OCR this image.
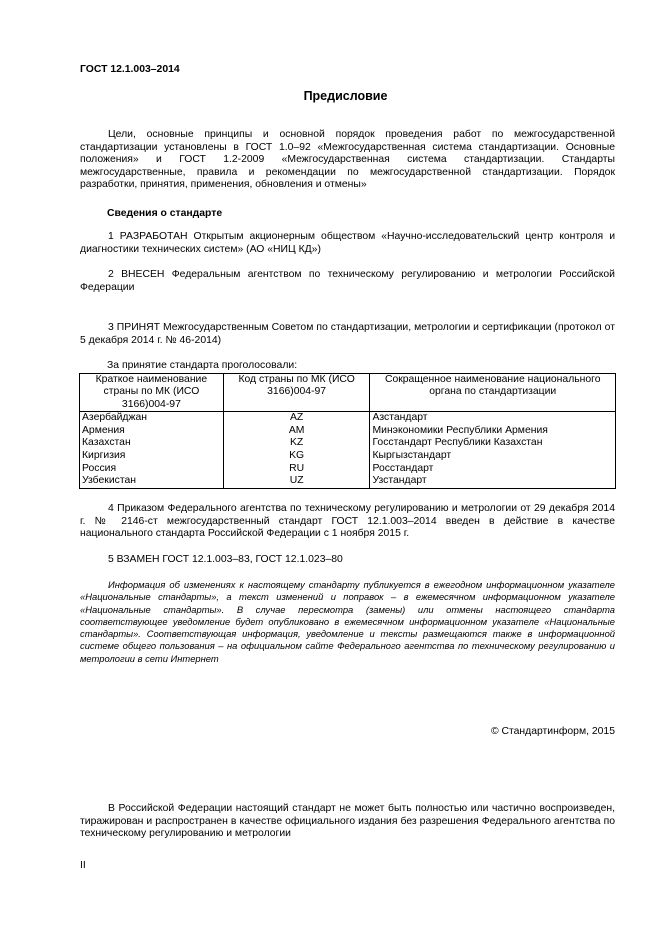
ГОСТ 12.1.003–2014
Предисловие
Цели, основные принципы и основной порядок проведения работ по межгосударственной стандартизации установлены в ГОСТ 1.0–92 «Межгосударственная система стандартизации. Основные положения» и ГОСТ 1.2-2009 «Межгосударственная система стандартизации. Стандарты межгосударственные, правила и рекомендации по межгосударственной стандартизации. Порядок разработки, принятия, применения, обновления и отмены»
Сведения о стандарте
1 РАЗРАБОТАН Открытым акционерным обществом «Научно-исследовательский центр контроля и диагностики технических систем» (АО «НИЦ КД»)
2 ВНЕСЕН Федеральным агентством по техническому регулированию и метрологии Российской Федерации
3 ПРИНЯТ Межгосударственным Советом по стандартизации, метрологии и сертификации (протокол от 5 декабря 2014 г. № 46-2014)
За принятие стандарта проголосовали:
Краткое наименование страны по МК (ИСО 3166)004-97	Код страны по МК (ИСО 3166)004-97	Сокращенное наименование национального органа по стандартизации
Азербайджан	AZ	Азстандарт
Армения	AM	Минэкономики Республики Армения
Казахстан	KZ	Госстандарт Республики Казахстан
Киргизия	KG	Кыргызстандарт
Россия	RU	Росстандарт
Узбекистан	UZ	Узстандарт
4 Приказом Федерального агентства по техническому регулированию и метрологии от 29 декабря 2014 г. № 2146-ст межгосударственный стандарт ГОСТ 12.1.003–2014 введен в действие в качестве национального стандарта Российской Федерации с 1 ноября 2015 г.
5 ВЗАМЕН ГОСТ 12.1.003–83, ГОСТ 12.1.023–80
Информация об изменениях к настоящему стандарту публикуется в ежегодном информационном указателе «Национальные стандарты», а текст изменений и поправок – в ежемесячном информационном указателе «Национальные стандарты». В случае пересмотра (замены) или отмены настоящего стандарта соответствующее уведомление будет опубликовано в ежемесячном информационном указателе «Национальные стандарты». Соответствующая информация, уведомление и тексты размещаются также в информационной системе общего пользования – на официальном сайте Федерального агентства по техническому регулированию и метрологии в сети Интернет
© Стандартинформ, 2015
В Российской Федерации настоящий стандарт не может быть полностью или частично воспроизведен, тиражирован и распространен в качестве официального издания без разрешения Федерального агентства по техническому регулированию и метрологии
II
